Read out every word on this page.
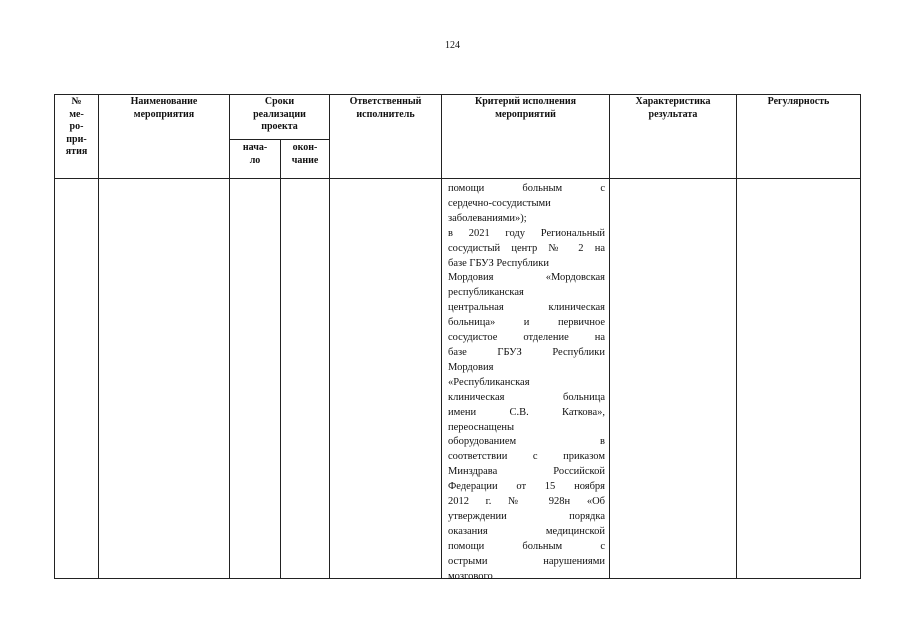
124
№
ме-
ро-
при-
ятия
Наименование
мероприятия
Сроки
реализации
проекта
нача-
ло
окон-
чание
Ответственный
исполнитель
Критерий исполнения
мероприятий
Характеристика
результата
Регулярность
помощи больным с
сердечно-сосудистыми
заболеваниями»);
в 2021 году Региональный
сосудистый центр № 2 на
базе ГБУЗ Республики
Мордовия «Мордовская
республиканская
центральная клиническая
больница» и первичное
сосудистое отделение на
базе ГБУЗ Республики
Мордовия
«Республиканская
клиническая больница
имени С.В. Каткова»,
переоснащены
оборудованием в
соответствии с приказом
Минздрава Российской
Федерации от 15 ноября
2012 г. № 928н «Об
утверждении порядка
оказания медицинской
помощи больным с
острыми нарушениями
мозгового
